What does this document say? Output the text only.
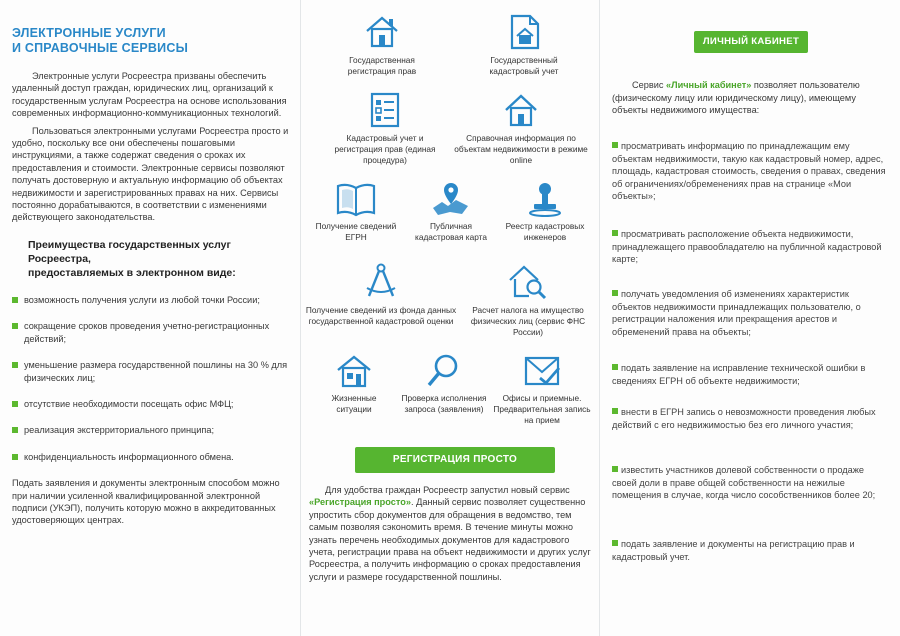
ЭЛЕКТРОННЫЕ УСЛУГИ
И СПРАВОЧНЫЕ СЕРВИСЫ

Электронные услуги Росреестра призваны обеспечить удаленный доступ граждан, юридических лиц, организаций к государственным услугам Росреестра на основе использования современных информационно-коммуникационных технологий.

Пользоваться электронными услугами Росреестра просто и удобно, поскольку все они обеспечены пошаговыми инструкциями, а также содержат сведения о сроках их предоставления и стоимости. Электронные сервисы позволяют получать достоверную и актуальную информацию об объектах недвижимости и зарегистрированных правах на них. Сервисы постоянно дорабатываются, в соответствии с изменениями действующего законодательства.

Преимущества государственных услуг Росреестра,
предоставляемых в электронном виде:
возможность получения услуги из любой точки России;
сокращение сроков проведения учетно-регистрационных действий;
уменьшение размера государственной пошлины на 30 % для физических лиц;
отсутствие необходимости посещать офис МФЦ;
реализация экстерриториального принципа;
конфиденциальность информационного обмена.

Подать заявления и документы электронным способом можно при наличии усиленной квалифицированной электронной подписи (УКЭП), получить которую можно в аккредитованных удостоверяющих центрах.

Государственная регистрация прав
Государственный кадастровый учет
Кадастровый учет и регистрация прав (единая процедура)
Справочная информация по объектам недвижимости в режиме online
Получение сведений ЕГРН
Публичная кадастровая карта
Реестр кадастровых инженеров
Получение сведений из фонда данных государственной кадастровой оценки
Расчет налога на имущество физических лиц (сервис ФНС России)
Жизненные ситуации
Проверка исполнения запроса (заявления)
Офисы и приемные. Предварительная запись на прием
РЕГИСТРАЦИЯ ПРОСТО

Для удобства граждан Росреестр запустил новый сервис «Регистрация просто». Данный сервис позволяет существенно упростить сбор документов для обращения в ведомство, тем самым позволяя сэкономить время. В течение минуты можно узнать перечень необходимых документов для кадастрового учета, регистрации права на объект недвижимости и других услуг Росреестра, а получить информацию о сроках предоставления услуги и размере государственной пошлины.

ЛИЧНЫЙ КАБИНЕТ

Сервис «Личный кабинет» позволяет пользователю (физическому лицу или юридическому лицу), имеющему объекты недвижимого имущества:

просматривать информацию по принадлежащим ему объектам недвижимости, такую как кадастровый номер, адрес, площадь, кадастровая стоимость, сведения о правах, сведения об ограничениях/обременениях прав на странице «Мои объекты»;
просматривать расположение объекта недвижимости, принадлежащего правообладателю на публичной кадастровой карте;
получать уведомления об изменениях характеристик объектов недвижимости принадлежащих пользователю, о регистрации наложения или прекращения арестов и обременений права на объекты;
подать заявление на исправление технической ошибки в сведениях ЕГРН об объекте недвижимости;
внести в ЕГРН запись о невозможности проведения любых действий с его недвижимостью без его личного участия;
известить участников долевой собственности о продаже своей доли в праве общей собственности на нежилые помещения в случае, когда число сособственников более 20;
подать заявление и документы на регистрацию прав и кадастровый учет.
